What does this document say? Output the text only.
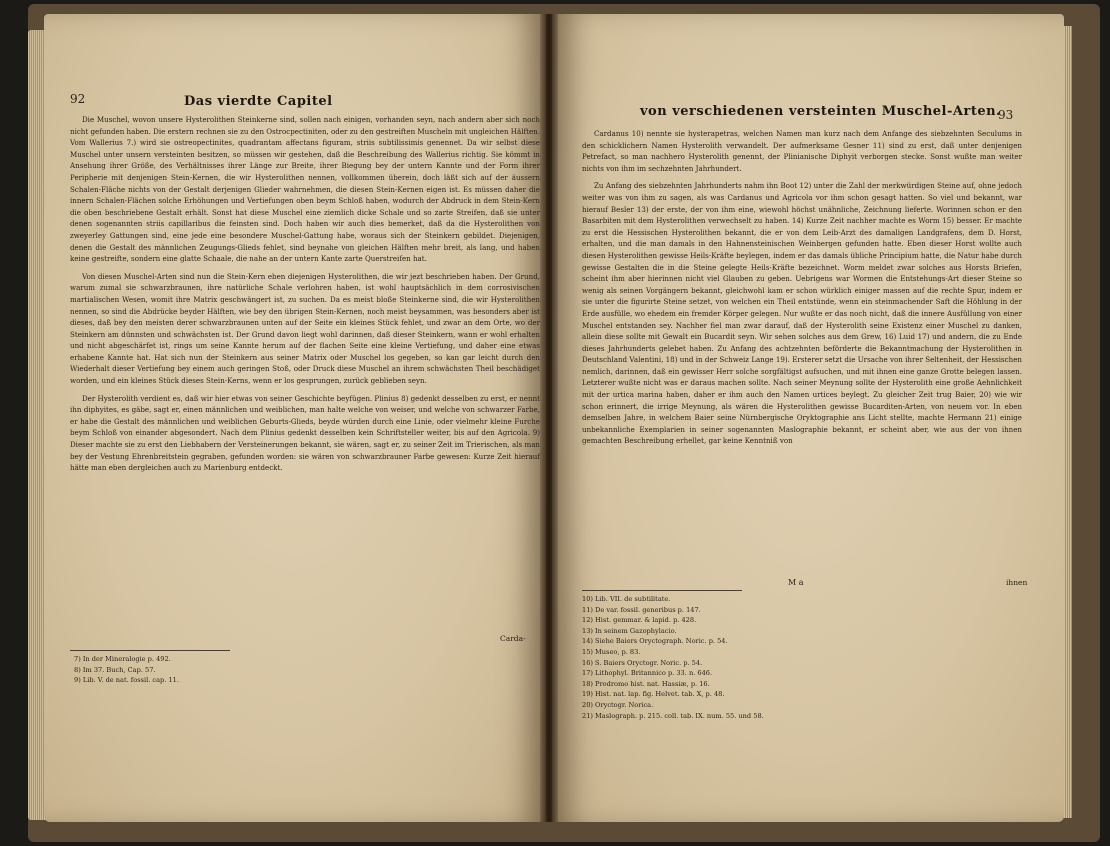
92	Das vierdte Capitel

Die Muschel, wovon unsere Hysterolithen Steinkerne sind, sollen nach einigen, vorhanden seyn, nach andern aber sich noch nicht gefunden haben. Die erstern rechnen sie zu den Ostrocpectiniten, oder zu den gestreiften Muscheln mit ungleichen Hälften. Vom Wallerius 7.) wird sie ostreopectinites, quadrantam affectans figuram, striis subtilissimis genennet. Da wir selbst diese Muschel unter unsern versteinten besitzen, so müssen wir gestehen, daß die Beschreibung des Wallerius richtig. Sie kömmt in Ansehung ihrer Größe, des Verhältnisses ihrer Länge zur Breite, ihrer Biegung bey der untern Kannte und der Form ihrer Peripherie mit denjenigen Stein-Kernen, die wir Hysterolithen nennen, vollkommen überein, doch läßt sich auf der äussern Schalen-Fläche nichts von der Gestalt derjenigen Glieder wahrnehmen, die diesen Stein-Kernen eigen ist. Es müssen daher die innern Schalen-Flächen solche Erhöhungen und Vertiefungen oben beym Schloß haben, wodurch der Abdruck in dem Stein-Kern die oben beschriebene Gestalt erhält. Sonst hat diese Muschel eine ziemlich dicke Schale und so zarte Streifen, daß sie unter denen sogenannten striis capillaribus die feinsten sind. Doch haben wir auch dies bemerket, daß da die Hysterolithen von zweyerley Gattungen sind, eine jede eine besondere Muschel-Gattung habe, woraus sich der Steinkern gebildet. Diejenigen, denen die Gestalt des männlichen Zeugungs-Glieds fehlet, sind beynahe von gleichen Hälften mehr breit, als lang, und haben keine gestreifte, sondern eine glatte Schaale, die nahe an der untern Kante zarte Querstreifen hat.

Von diesen Muschel-Arten sind nun die Stein-Kern eben diejenigen Hysterolithen, die wir jezt beschrieben haben. Der Grund, warum zumal sie schwarzbraunen, ihre natürliche Schale verlohren haben, ist wohl hauptsächlich in dem corrosivischen martialischen Wesen, womit ihre Matrix geschwängert ist, zu suchen. Da es meist bloße Steinkerne sind, die wir Hysterolithen nennen, so sind die Abdrücke beyder Hälften, wie bey den übrigen Stein-Kernen, noch meist beysammen, was besonders aber ist dieses, daß bey den meisten derer schwarzbraunen unten auf der Seite ein kleines Stück fehlet, und zwar an dem Orte, wo der Steinkern am dünnsten und schwächsten ist. Der Grund davon liegt wohl darinnen, daß dieser Steinkern, wann er wohl erhalten und nicht abgeschärfet ist, rings um seine Kannte herum auf der flachen Seite eine kleine Vertiefung, und daher eine etwas erhabene Kannte hat. Hat sich nun der Steinkern aus seiner Matrix oder Muschel los gegeben, so kan gar leicht durch den Wiederhalt dieser Vertiefung bey einem auch geringen Stoß, oder Druck diese Muschel an ihrem schwächsten Theil beschädiget worden, und ein kleines Stück dieses Stein-Kerns, wenn er los gesprungen, zurück geblieben seyn.

Der Hysterolith verdient es, daß wir hier etwas von seiner Geschichte beyfügen. Plinius 8) gedenkt desselben zu erst, er nennt ihn diphyites, es gäbe, sagt er, einen männlichen und weiblichen, man halte welche von weiser, und welche von schwarzer Farbe, er habe die Gestalt des männlichen und weiblichen Geburts-Glieds, beyde würden durch eine Linie, oder vielmehr kleine Furche beym Schloß von einander abgesondert. Nach dem Plinius gedenkt desselben kein Schriftsteller weiter, bis auf den Agricola. 9) Dieser machte sie zu erst den Liebhabern der Versteinerungen bekannt, sie wären, sagt er, zu seiner Zeit im Trierischen, als man bey der Vestung Ehrenbreitstein gegraben, gefunden worden: sie wären von schwarzbrauner Farbe gewesen: Kurze Zeit hierauf hätte man eben dergleichen auch zu Marienburg entdeckt.

Carda-
7) In der Mineralogie p. 492.
8) Im 37. Buch, Cap. 57.
9) Lib. V. de nat. fossil. cap. 11.
von verschiedenen versteinten Muschel-Arten.
93

Cardanus 10) nennte sie hysterapetras, welchen Namen man kurz nach dem Anfange des siebzehnten Seculums in den schicklichern Namen Hysterolith verwandelt. Der aufmerksame Gesner 11) sind zu erst, daß unter denjenigen Petrefact, so man nachhero Hysterolith genennt, der Plinianische Diphyit verborgen stecke. Sonst wußte man weiter nichts von ihm im sechzehnten Jahrhundert.

Zu Anfang des siebzehnten Jahrhunderts nahm ihn Boot 12) unter die Zahl der merkwürdigen Steine auf, ohne jedoch weiter was von ihm zu sagen, als was Cardanus und Agricola vor ihm schon gesagt hatten. So viel und bekannt, war hierauf Besler 13) der erste, der von ihm eine, wiewohl höchst unähnliche, Zeichnung lieferte. Worinnen schon er den Basarbiten mit dem Hysterolithen verwechselt zu haben. 14) Kurze Zeit nachher machte es Worm 15) besser. Er machte zu erst die Hessischen Hysterolithen bekannt, die er von dem Leib-Arzt des damaligen Landgrafens, dem D. Horst, erhalten, und die man damals in den Hahnensteinischen Weinbergen gefunden hatte. Eben dieser Horst wollte auch diesen Hysterolithen gewisse Heils-Kräfte beylegen, indem er das damals übliche Principium hatte, die Natur habe durch gewisse Gestalten die in die Steine gelegte Heils-Kräfte bezeichnet. Worm meldet zwar solches aus Horsts Briefen, scheint ihm aber hierinnen nicht viel Glauben zu geben. Uebrigens war Wormen die Entstehungs-Art dieser Steine so wenig als seinen Vorgängern bekannt, gleichwohl kam er schon würklich einiger massen auf die rechte Spur, indem er sie unter die figurirte Steine setzet, von welchen ein Theil entstünde, wenn ein steinmachender Saft die Höhlung in der Erde ausfülle, wo ehedem ein fremder Körper gelegen. Nur wußte er das noch nicht, daß die innere Ausfüllung von einer Muschel entstanden sey. Nachher fiel man zwar darauf, daß der Hysterolith seine Existenz einer Muschel zu danken, allein diese sollte mit Gewalt ein Bucardit seyn. Wir sehen solches aus dem Grew, 16) Luid 17) und andern, die zu Ende dieses Jahrhunderts gelebet haben. Zu Anfang des achtzehnten beförderte die Bekanntmachung der Hysterolithen in Deutschland Valentini, 18) und in der Schweiz Lange 19). Ersterer setzt die Ursache von ihrer Seltenheit, der Hessischen nemlich, darinnen, daß ein gewisser Herr solche sorgfältigst aufsuchen, und mit ihnen eine ganze Grotte belegen lassen. Letzterer wußte nicht was er daraus machen sollte. Nach seiner Meynung sollte der Hysterolith eine große Aehnlichkeit mit der urtica marina haben, daher er ihm auch den Namen urtices beylegt. Zu gleicher Zeit trug Baier, 20) wie wir schon erinnert, die irrige Meynung, als wären die Hysterolithen gewisse Bucarditen-Arten, von neuem vor. In eben demselben Jahre, in welchem Baier seine Nürnbergische Oryktographie ans Licht stellte, machte Hermann 21) einige unbekannliche Exemplarien in seiner sogenannten Maslographie bekannt, er scheint aber, wie aus der von ihnen gemachten Beschreibung erhellet, gar keine Kenntniß von

M a	ihnen
10) Lib. VII. de subtilitate.
11) De var. fossil. generibus p. 147.
12) Hist. gemmar. & lapid. p. 428.
13) In seinem Gazophylacio.
14) Siehe Baiers Oryctograph. Noric. p. 54.
15) Museo, p. 83.
16) S. Baiers Oryctogr. Noric. p. 54.
17) Lithophyl. Britannico p. 33. n. 646.
18) Prodromo hist. nat. Hassiæ, p. 16.
19) Hist. nat. lap. fig. Helvet. tab. X, p. 48.
20) Oryctogr. Norica.
21) Maslograph. p. 215. coll. tab. IX. num. 55. und 58.
